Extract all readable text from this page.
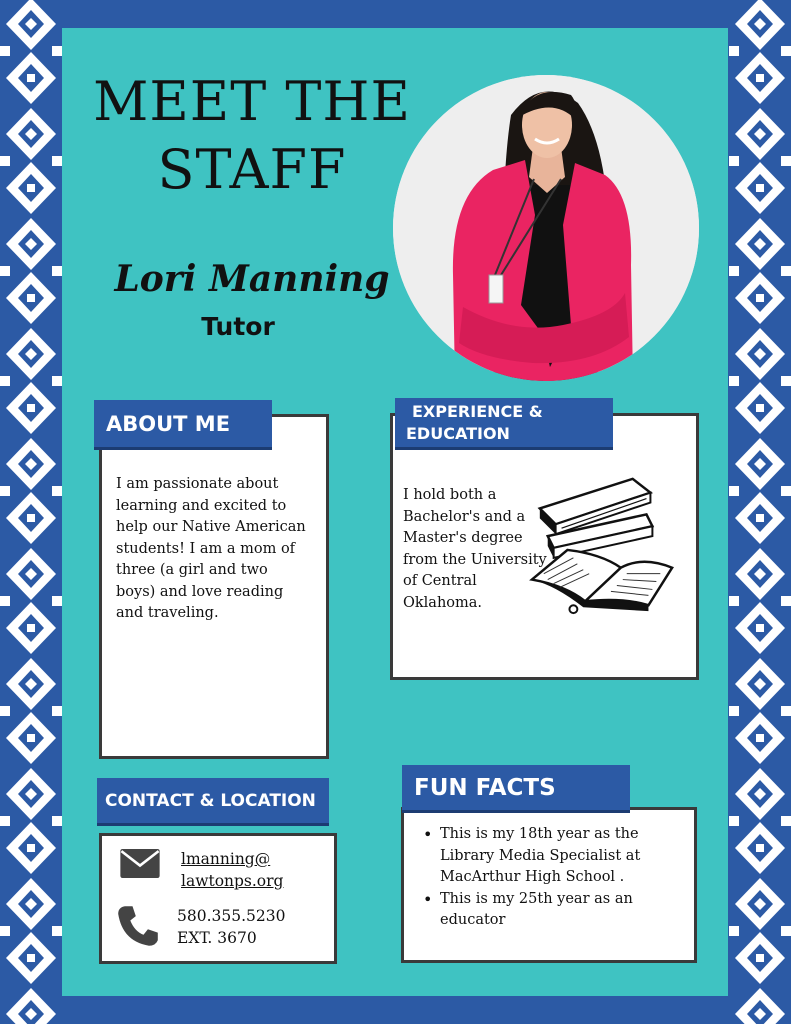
MEET THE
STAFF
Lori Manning
Tutor
ABOUT ME
I am passionate about learning and excited to help our Native American students! I am a mom of three (a girl and two boys) and love reading and traveling.
EXPERIENCE &
EDUCATION
I hold both a Bachelor's and a Master's degree from the University of Central Oklahoma.
CONTACT & LOCATION
lmanning@
lawtonps.org
580.355.5230
EXT. 3670
FUN FACTS
• This is my 18th year as the Library Media Specialist at MacArthur High School .
• This is my 25th year as an educator
